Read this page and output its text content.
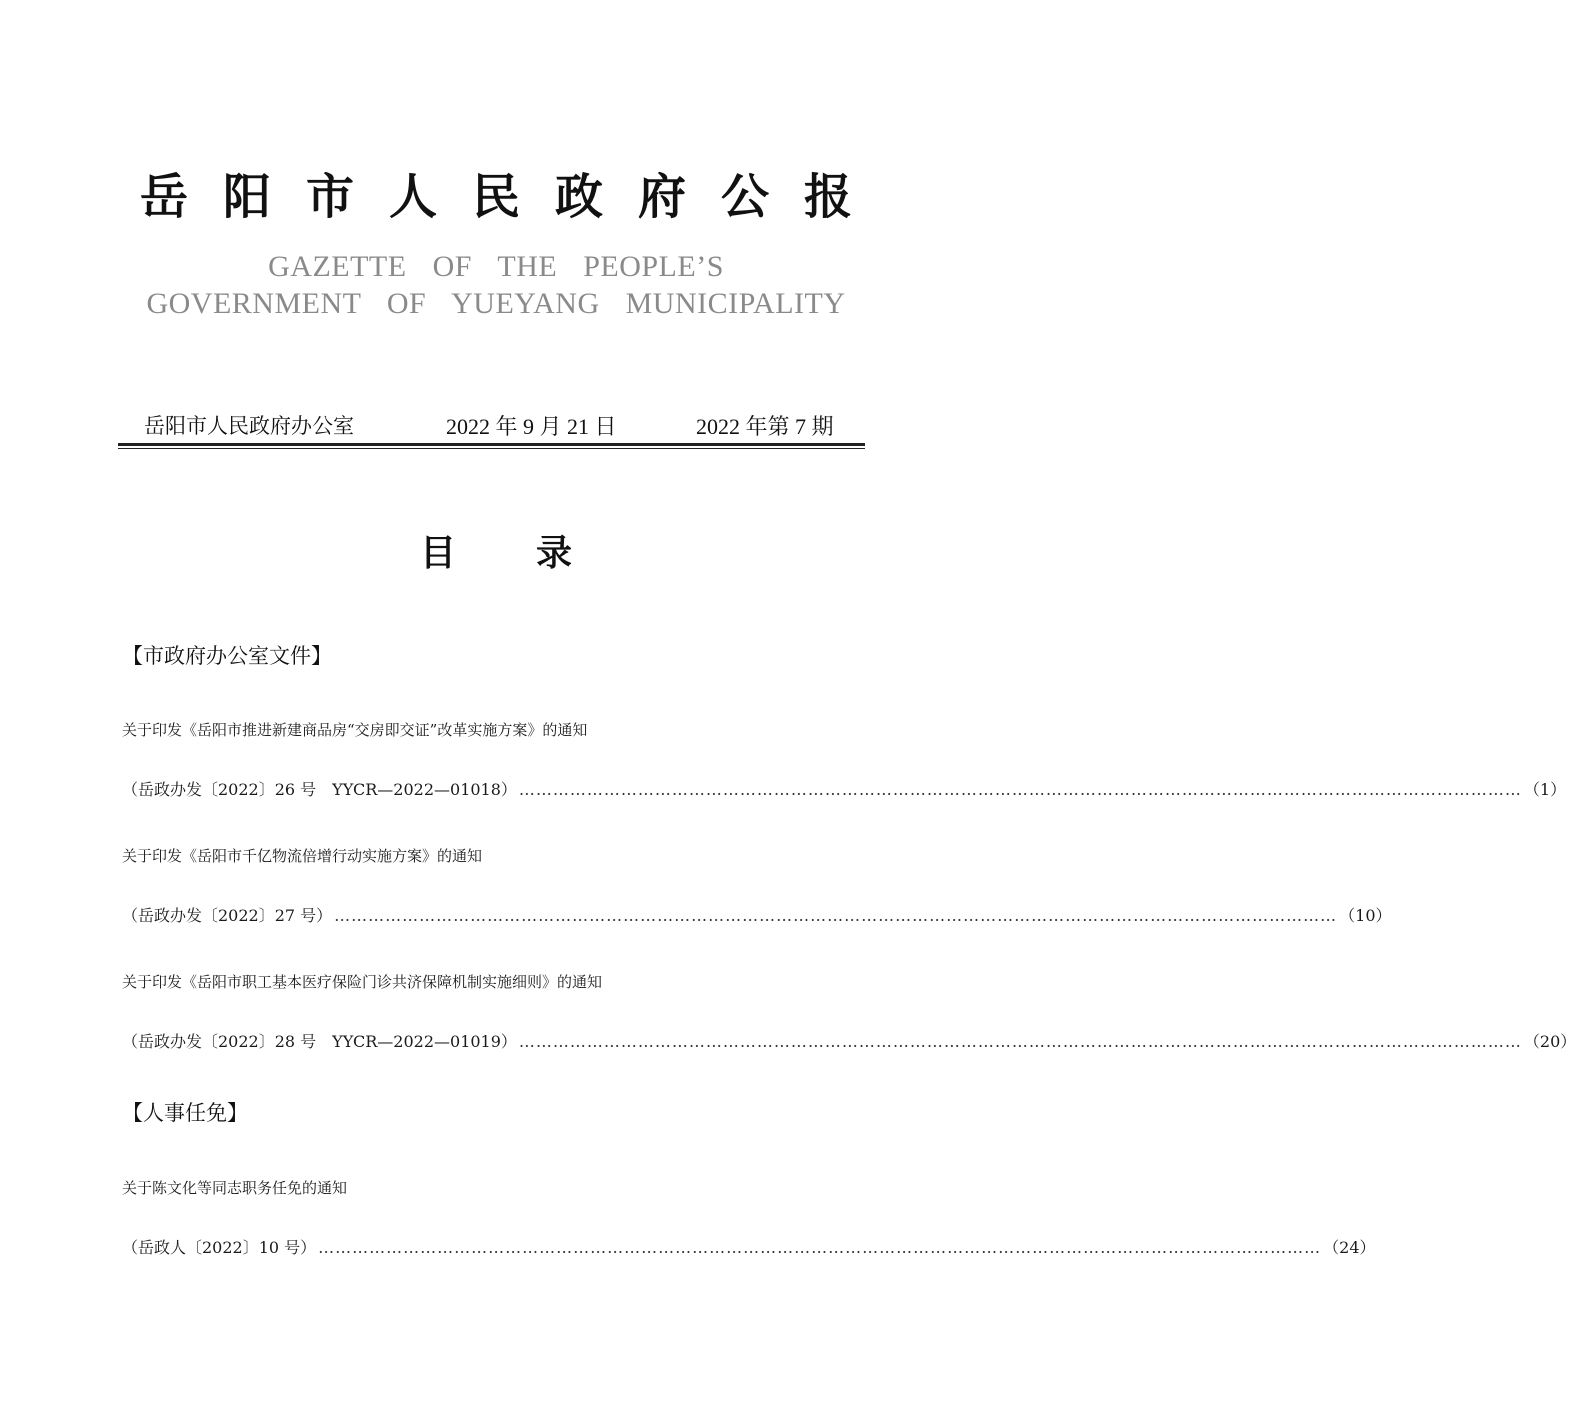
岳阳市人民政府公报
GAZETTE OF THE PEOPLE’S
GOVERNMENT OF YUEYANG MUNICIPALITY
岳阳市人民政府办公室	2022 年 9 月 21 日	2022 年第 7 期
目录
【市政府办公室文件】
关于印发《岳阳市推进新建商品房“交房即交证”改革实施方案》的通知
（岳政办发〔2022〕26 号　YYCR—2022—01018） …………………………………………………………………………………………………………………………………………………………… （1）
关于印发《岳阳市千亿物流倍增行动实施方案》的通知
（岳政办发〔2022〕27 号） …………………………………………………………………………………………………………………………………………………………… （10）
关于印发《岳阳市职工基本医疗保险门诊共济保障机制实施细则》的通知
（岳政办发〔2022〕28 号　YYCR—2022—01019） …………………………………………………………………………………………………………………………………………………………… （20）
【人事任免】
关于陈文化等同志职务任免的通知
（岳政人〔2022〕10 号） …………………………………………………………………………………………………………………………………………………………… （24）
